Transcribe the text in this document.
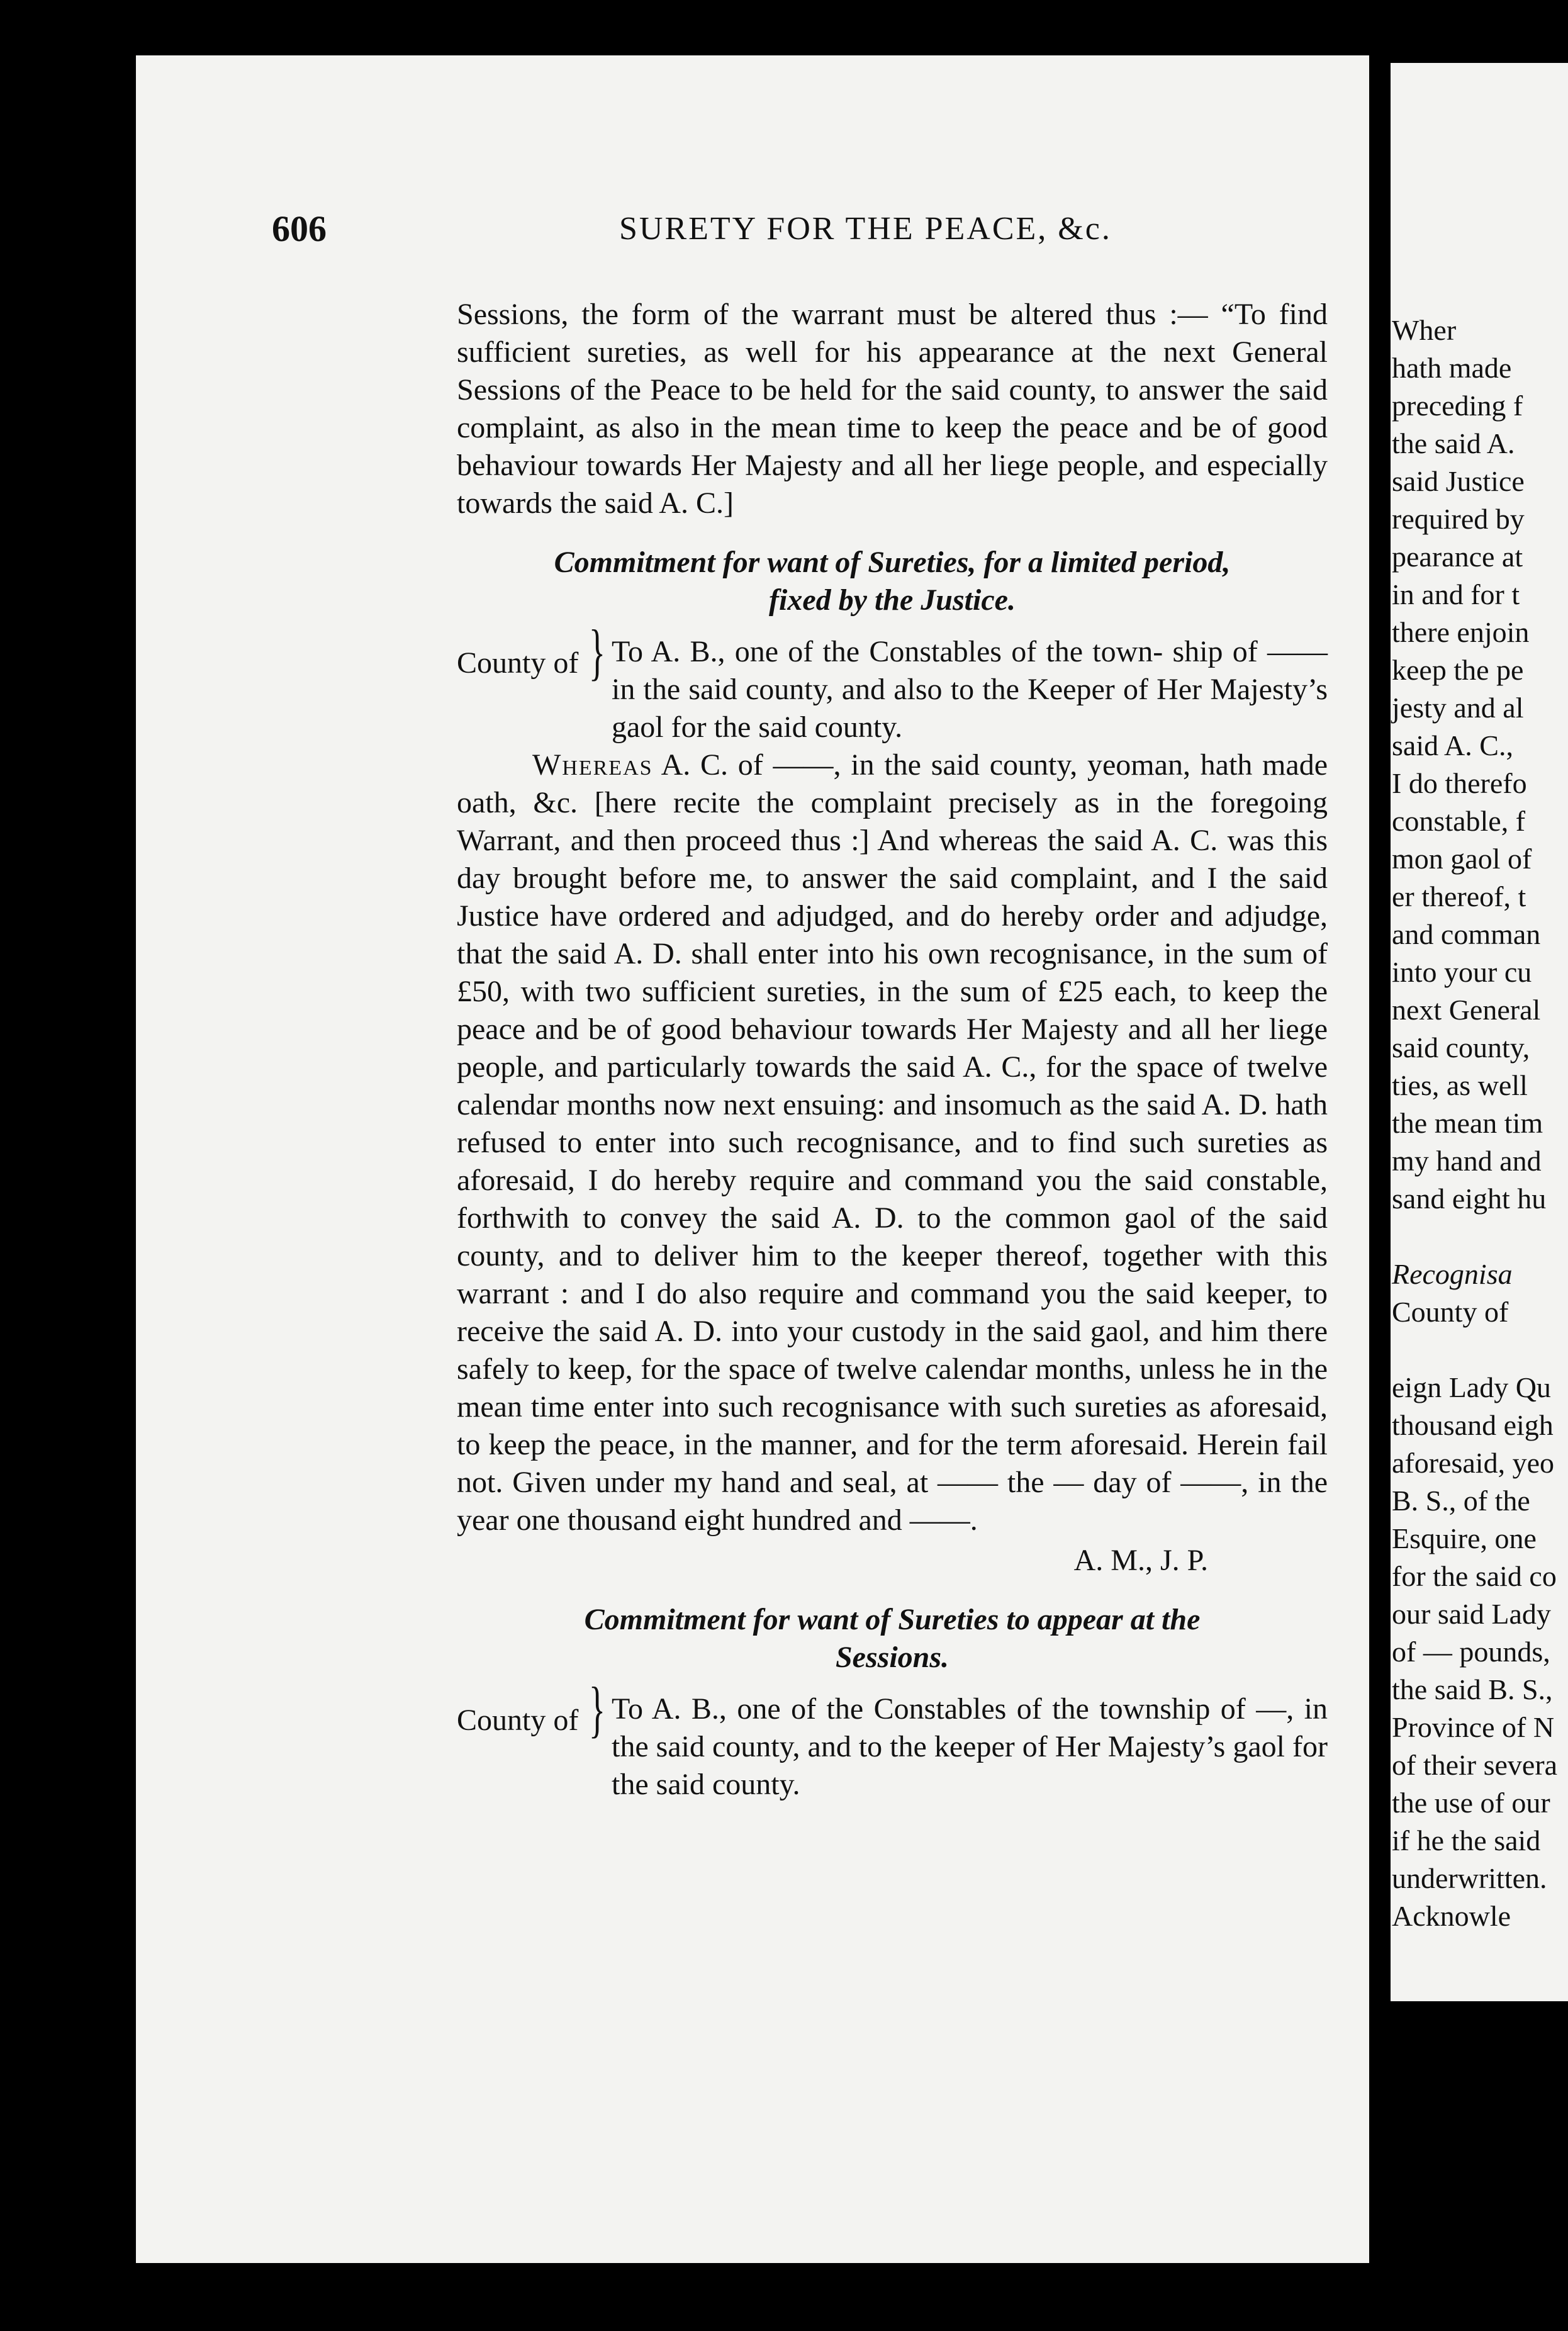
606	SURETY FOR THE PEACE, &c.

Sessions, the form of the warrant must be altered thus :— “To find sufficient sureties, as well for his appearance at the next General Sessions of the Peace to be held for the said county, to answer the said complaint, as also in the mean time to keep the peace and be of good behaviour towards Her Majesty and all her liege people, and especially towards the said A. C.]

Commitment for want of Sureties, for a limited period,
fixed by the Justice.
County of } To A. B., one of the Constables of the town- ship of —— in the said county, and also to the Keeper of Her Majesty’s gaol for the said county.

Whereas A. C. of ——, in the said county, yeoman, hath made oath, &c. [here recite the complaint precisely as in the foregoing Warrant, and then proceed thus :] And whereas the said A. C. was this day brought before me, to answer the said complaint, and I the said Justice have ordered and adjudged, and do hereby order and adjudge, that the said A. D. shall enter into his own recognisance, in the sum of £50, with two sufficient sureties, in the sum of £25 each, to keep the peace and be of good behaviour towards Her Majesty and all her liege people, and particularly towards the said A. C., for the space of twelve calendar months now next ensuing: and insomuch as the said A. D. hath refused to enter into such recognisance, and to find such sureties as aforesaid, I do hereby require and command you the said constable, forthwith to convey the said A. D. to the common gaol of the said county, and to deliver him to the keeper thereof, together with this warrant : and I do also require and command you the said keeper, to receive the said A. D. into your custody in the said gaol, and him there safely to keep, for the space of twelve calendar months, unless he in the mean time enter into such recognisance with such sureties as aforesaid, to keep the peace, in the manner, and for the term aforesaid. Herein fail not. Given under my hand and seal, at —— the — day of ——, in the year one thousand eight hundred and ——.

A. M., J. P.

Commitment for want of Sureties to appear at the
Sessions.
County of } To A. B., one of the Constables of the township of —, in the said county, and to the keeper of Her Majesty’s gaol for the said county.

Wher
hath made
preceding f
the said A.
said Justice
required by
pearance at
in and for t
there enjoin
keep the pe
jesty and al
said A. C.,
I do therefo
constable, f
mon gaol of
er thereof, t
and comman
into your cu
next General
said county,
ties, as well
the mean tim
my hand and
sand eight hu
Recognisa
County of
eign Lady Qu
thousand eigh
aforesaid, yeo
B. S., of the
Esquire, one
for the said co
our said Lady
of — pounds,
the said B. S.,
Province of N
of their severa
the use of our
if he the said
underwritten.
Acknowle
